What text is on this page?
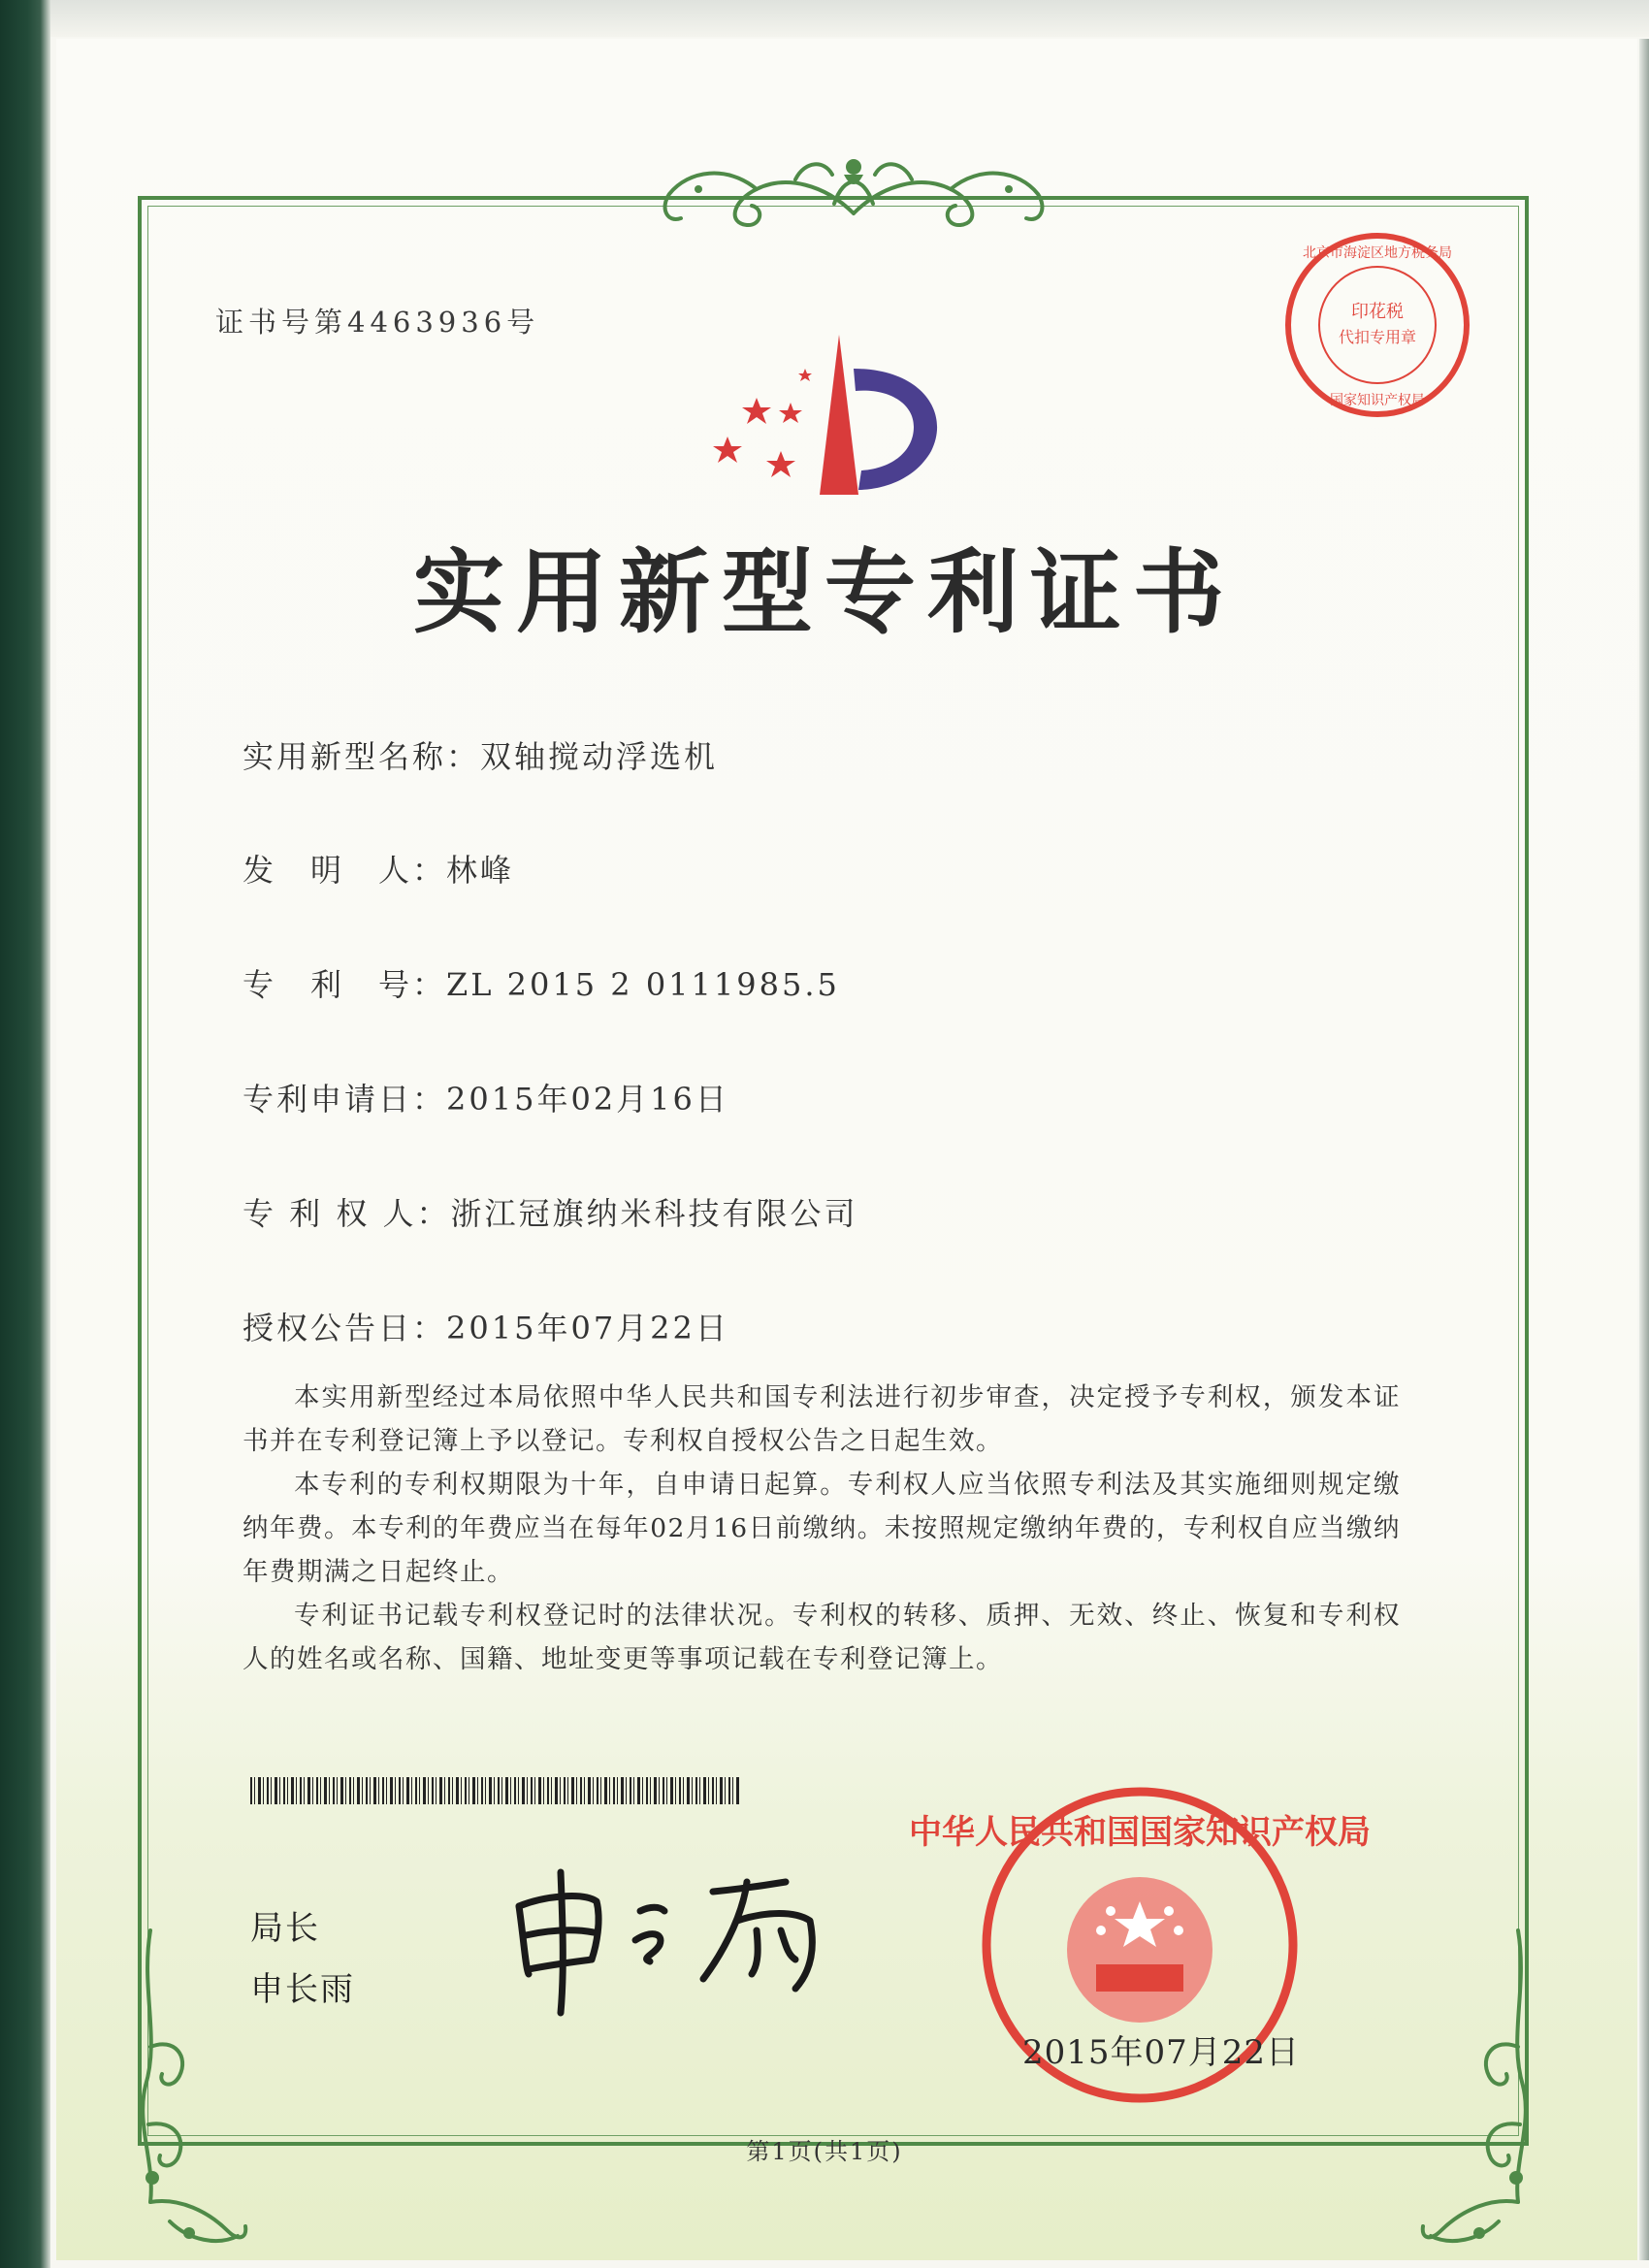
证书号第4463936号	印花税
代扣专用章
北京市海淀区地方税务局
国家知识产权局
实用新型专利证书
实用新型名称：双轴搅动浮选机
发　明　人：林峰
专　利　号：ZL 2015 2 0111985.5
专利申请日：2015年02月16日
专 利 权 人：浙江冠旗纳米科技有限公司
授权公告日：2015年07月22日

本实用新型经过本局依照中华人民共和国专利法进行初步审查，决定授予专利权，颁发本证书并在专利登记簿上予以登记。专利权自授权公告之日起生效。

本专利的专利权期限为十年，自申请日起算。专利权人应当依照专利法及其实施细则规定缴纳年费。本专利的年费应当在每年02月16日前缴纳。未按照规定缴纳年费的，专利权自应当缴纳年费期满之日起终止。

专利证书记载专利权登记时的法律状况。专利权的转移、质押、无效、终止、恢复和专利权人的姓名或名称、国籍、地址变更等事项记载在专利登记簿上。

局长
申长雨
中华人民共和国国家知识产权局
2015年07月22日
第1页(共1页)
